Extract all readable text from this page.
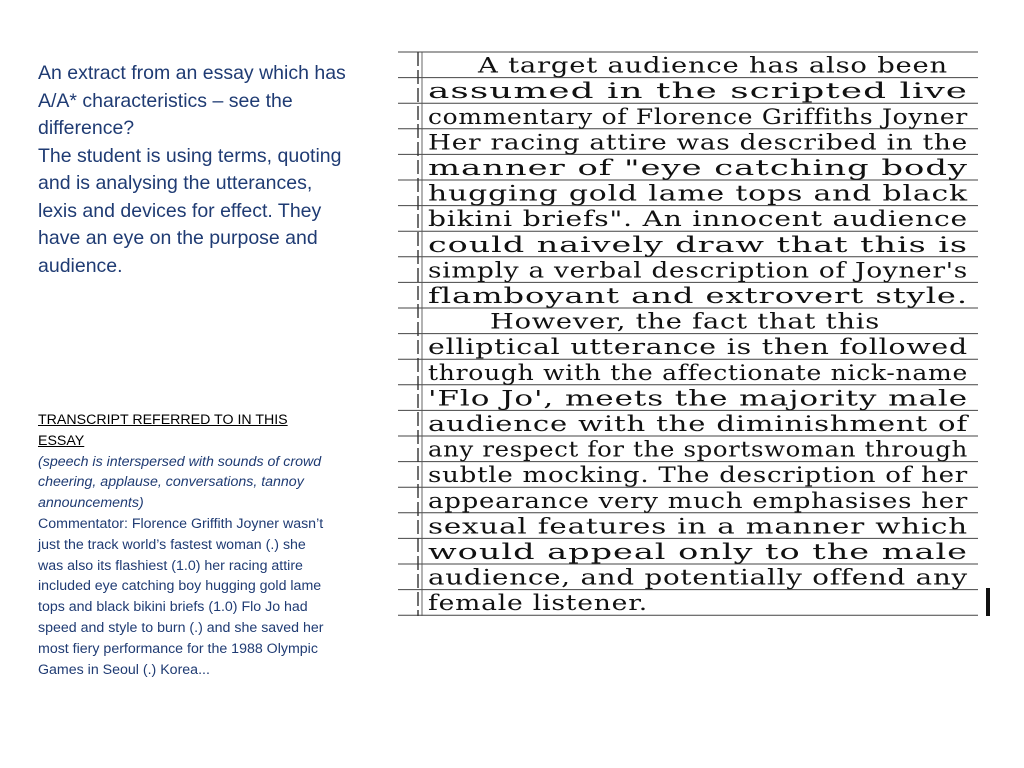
An extract from an essay which has A/A* characteristics – see the difference?

The student is using terms, quoting and is analysing the utterances, lexis and devices for effect. They have an eye on the purpose and audience.

TRANSCRIPT REFERRED TO IN THIS ESSAY

(speech is interspersed with sounds of crowd cheering, applause, conversations, tannoy announcements)

Commentator: Florence Griffith Joyner wasn’t just the track world’s fastest woman (.) she was also its flashiest (1.0) her racing attire included eye catching boy hugging gold lame tops and black bikini briefs (1.0) Flo Jo had speed and style to burn (.) and she saved her most fiery performance for the 1988 Olympic Games in Seoul (.) Korea...

A target audience has also been
assumed in the scripted live
commentary of Florence Griffiths Joyner
Her racing attire was described in the
manner of "eye catching body
hugging gold lame tops and black
bikini briefs". An innocent audience
could naively draw that this is
simply a verbal description of Joyner's
flamboyant and extrovert style.
However, the fact that this
elliptical utterance is then followed
through with the affectionate nick-name
'Flo Jo', meets the majority male
audience with the diminishment of
any respect for the sportswoman through
subtle mocking. The description of her
appearance very much emphasises her
sexual features in a manner which
would appeal only to the male
audience, and potentially offend any
female listener.
